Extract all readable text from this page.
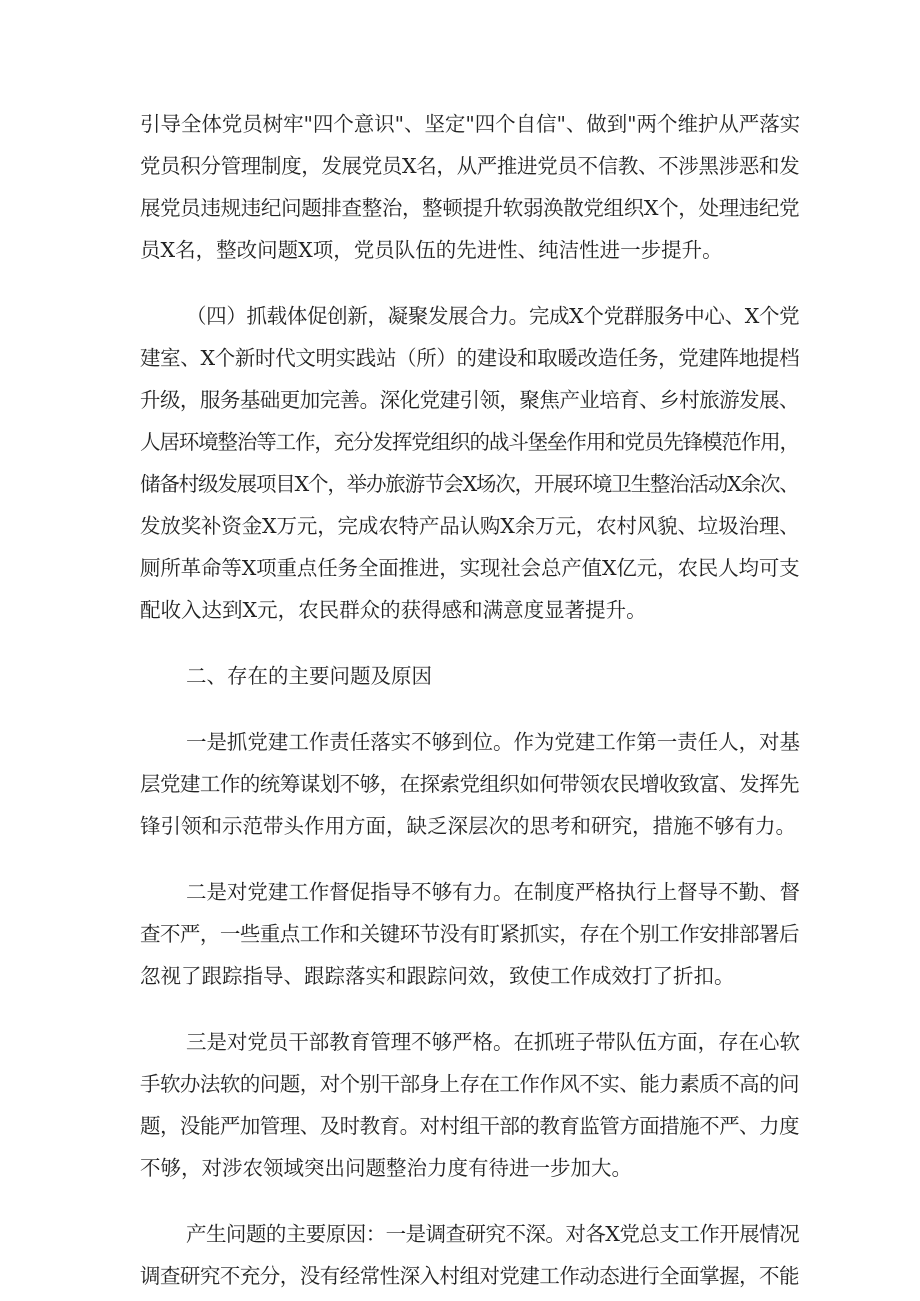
引导全体党员树牢"四个意识"、坚定"四个自信"、做到"两个维护从严落实
党员积分管理制度，发展党员X名，从严推进党员不信教、不涉黑涉恶和发
展党员违规违纪问题排查整治，整顿提升软弱涣散党组织X个，处理违纪党
员X名，整改问题X项，党员队伍的先进性、纯洁性进一步提升。
（四）抓载体促创新，凝聚发展合力。完成X个党群服务中心、X个党
建室、X个新时代文明实践站（所）的建设和取暖改造任务，党建阵地提档
升级，服务基础更加完善。深化党建引领，聚焦产业培育、乡村旅游发展、
人居环境整治等工作，充分发挥党组织的战斗堡垒作用和党员先锋模范作用，
储备村级发展项目X个，举办旅游节会X场次，开展环境卫生整治活动X余次、
发放奖补资金X万元，完成农特产品认购X余万元，农村风貌、垃圾治理、
厕所革命等X项重点任务全面推进，实现社会总产值X亿元，农民人均可支
配收入达到X元，农民群众的获得感和满意度显著提升。
二、存在的主要问题及原因
一是抓党建工作责任落实不够到位。作为党建工作第一责任人，对基
层党建工作的统筹谋划不够，在探索党组织如何带领农民增收致富、发挥先
锋引领和示范带头作用方面，缺乏深层次的思考和研究，措施不够有力。
二是对党建工作督促指导不够有力。在制度严格执行上督导不勤、督
查不严，一些重点工作和关键环节没有盯紧抓实，存在个别工作安排部署后
忽视了跟踪指导、跟踪落实和跟踪问效，致使工作成效打了折扣。
三是对党员干部教育管理不够严格。在抓班子带队伍方面，存在心软
手软办法软的问题，对个别干部身上存在工作作风不实、能力素质不高的问
题，没能严加管理、及时教育。对村组干部的教育监管方面措施不严、力度
不够，对涉农领域突出问题整治力度有待进一步加大。
产生问题的主要原因：一是调查研究不深。对各X党总支工作开展情况
调查研究不充分，没有经常性深入村组对党建工作动态进行全面掌握，不能
